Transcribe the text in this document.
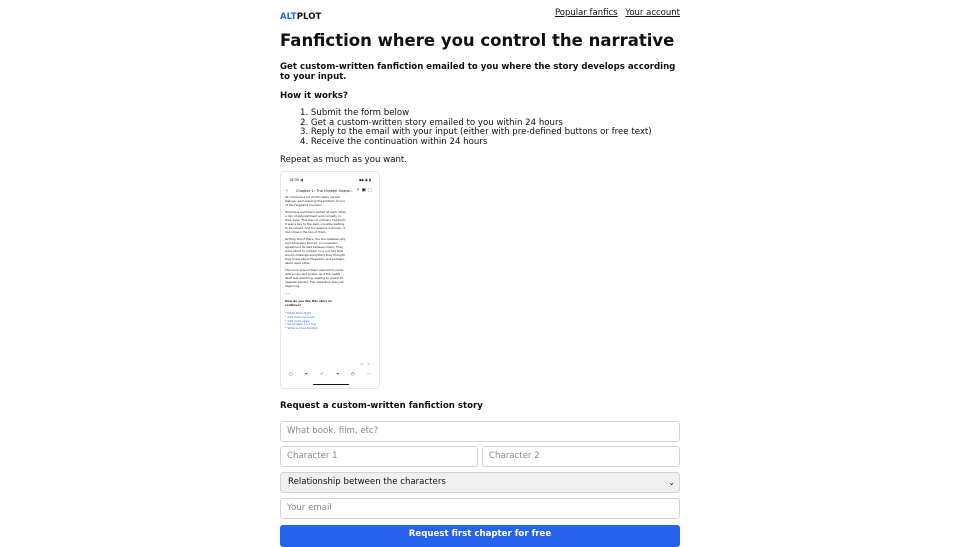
ALTPLOT	Popular fanfics Your account
Fanfiction where you control the narrative
Get custom-written fanfiction emailed to you where the story develops according to your input.
How it works?
1. Submit the form below
2. Get a custom-written story emailed to you within 24 hours
3. Reply to the email with your input (either with pre-defined buttons or free text)
4. Receive the continuation within 24 hours
Repeat as much as you want.
18:30 ◀	▪▪ ◉ ▮
‹ Chapter 1: The Unseen Snape... ⚡▣⬚

its concerns-a bit of intricately carved statues, each bearing the emblem of one of the Hogwarts founders.

Hermione and Draco looked at each other, a mix of astonishment and curiosity in their eyes. This was no ordinary heirloom; it was a key to the past, a puzzle waiting to be solved. And for reasons unknown, it had chosen the two of them.

As they stood there, the line between ally and adversary blurred, an unspoken agreement formed between them. They were about to embark on a journey that would challenge everything they thought they knew about Hogwarts, and perhaps, about each other.

The room around them seemed to pulse with an ancient power, as if the castle itself was watching, waiting to reveal its deepest secrets. The adventure was just beginning.

-----

How do you like this story to continue?
* Make them fight
* Add more romance
* Add more spice
* Send them on a trip
* Write a cross-fandom
↶↷
○	↞	✓	↠	◷	⋯
Request a custom-written fanfiction story
What book, film, etc?
Character 1	Character 2
Relationship between the characters	⌄
Your email
Request first chapter for free
